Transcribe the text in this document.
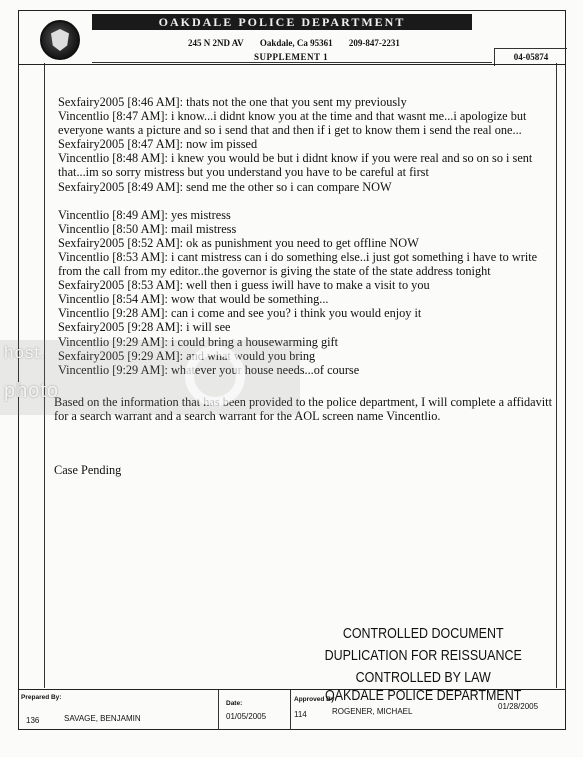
OAKDALE POLICE DEPARTMENT
245 N 2ND AV Oakdale, Ca 95361 209-847-2231
SUPPLEMENT 1	04-05874

Sexfairy2005 [8:46 AM]: thats not the one that you sent my previously

Vincentlio [8:47 AM]: i know...i didnt know you at the time and that wasnt me...i apologize but everyone wants a picture and so i send that and then if i get to know them i send the real one...

Sexfairy2005 [8:47 AM]: now im pissed

Vincentlio [8:48 AM]: i knew you would be but i didnt know if you were real and so on so i sent that...im so sorry mistress but you understand you have to be careful at first

Sexfairy2005 [8:49 AM]: send me the other so i can compare NOW

Vincentlio [8:49 AM]: yes mistress

Vincentlio [8:50 AM]: mail mistress

Sexfairy2005 [8:52 AM]: ok as punishment you need to get offline NOW

Vincentlio [8:53 AM]: i cant mistress can i do something else..i just got something i have to write from the call from my editor..the governor is giving the state of the state address tonight

Sexfairy2005 [8:53 AM]: well then i guess iwill have to make a visit to you

Vincentlio [8:54 AM]: wow that would be something...

Vincentlio [9:28 AM]: can i come and see you? i think you would enjoy it

Sexfairy2005 [9:28 AM]: i will see

Vincentlio [9:29 AM]: i could bring a housewarming gift

Sexfairy2005 [9:29 AM]: and what would you bring

Vincentlio [9:29 AM]: whatever your house needs...of course

Based on the information that has been provided to the police department, I will complete a affidavitt for a search warrant and a search warrant for the AOL screen name Vincentlio.

Case Pending

host.
photo
CONTROLLED DOCUMENT
DUPLICATION FOR REISSUANCE
CONTROLLED BY LAW
OAKDALE POLICE DEPARTMENT
Prepared By:
136	SAVAGE, BENJAMIN
Date:
01/05/2005
Approved By:
114	ROGENER, MICHAEL
01/28/2005
